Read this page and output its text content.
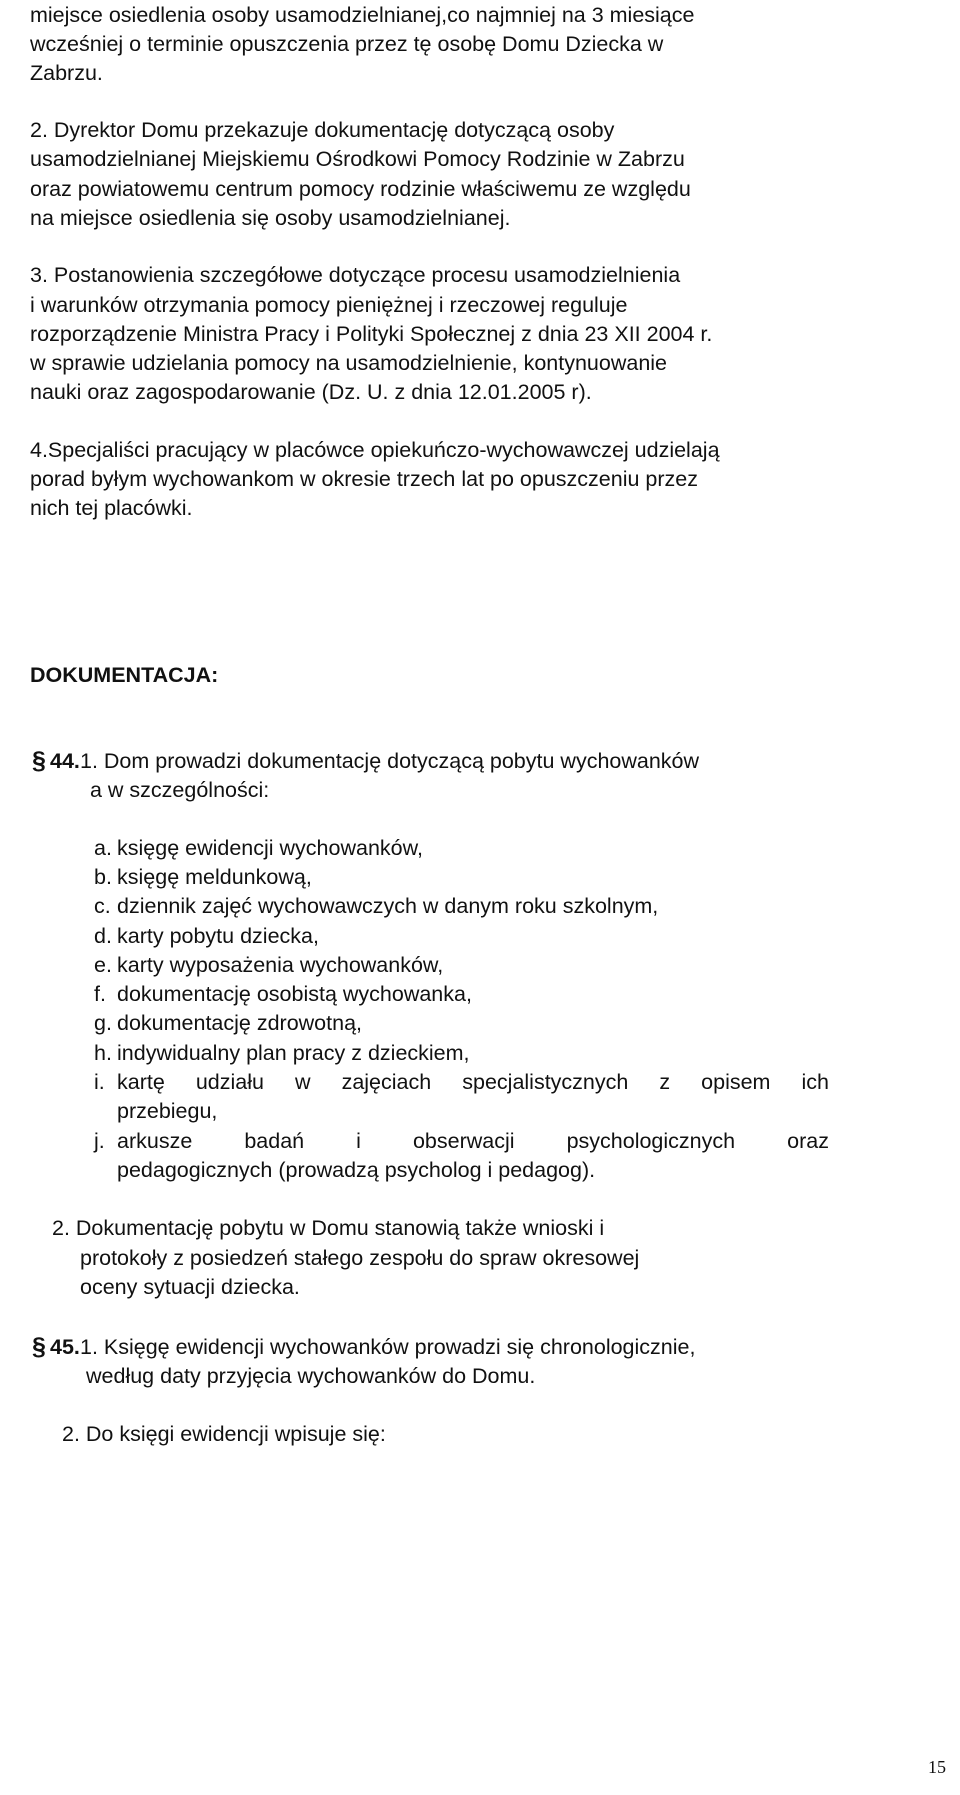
miejsce osiedlenia osoby usamodzielnianej,co najmniej na 3 miesiące
wcześniej o terminie opuszczenia przez tę osobę Domu Dziecka w
Zabrzu.
2. Dyrektor Domu przekazuje dokumentację dotyczącą osoby
usamodzielnianej Miejskiemu Ośrodkowi Pomocy Rodzinie w Zabrzu
oraz powiatowemu centrum pomocy rodzinie właściwemu ze względu
na miejsce osiedlenia się osoby usamodzielnianej.
3. Postanowienia szczegółowe dotyczące procesu usamodzielnienia
i warunków otrzymania pomocy pieniężnej i rzeczowej reguluje
rozporządzenie Ministra Pracy i Polityki Społecznej z dnia 23 XII 2004 r.
w sprawie udzielania pomocy na usamodzielnienie, kontynuowanie
nauki oraz zagospodarowanie (Dz. U. z dnia 12.01.2005 r).
4.Specjaliści pracujący w placówce opiekuńczo-wychowawczej udzielają
porad byłym wychowankom w okresie trzech lat po opuszczeniu przez
nich tej placówki.
DOKUMENTACJA:
§ 44. 1. Dom prowadzi dokumentację dotyczącą pobytu wychowanków
a w szczególności:
a. księgę ewidencji wychowanków,
b. księgę meldunkową,
c. dziennik zajęć wychowawczych w danym roku szkolnym,
d. karty pobytu dziecka,
e. karty wyposażenia wychowanków,
f. dokumentację osobistą wychowanka,
g. dokumentację zdrowotną,
h. indywidualny plan pracy z dzieckiem,
i. kartę udziału w zajęciach specjalistycznych z opisem ich
przebiegu,
j. arkusze badań i obserwacji psychologicznych oraz
pedagogicznych (prowadzą psycholog i pedagog).
2. Dokumentację pobytu w Domu stanowią także wnioski i
protokoły z posiedzeń stałego zespołu do spraw okresowej
oceny sytuacji dziecka.
§ 45. 1. Księgę ewidencji wychowanków prowadzi się chronologicznie,
według daty przyjęcia wychowanków do Domu.
2. Do księgi ewidencji wpisuje się:
15
